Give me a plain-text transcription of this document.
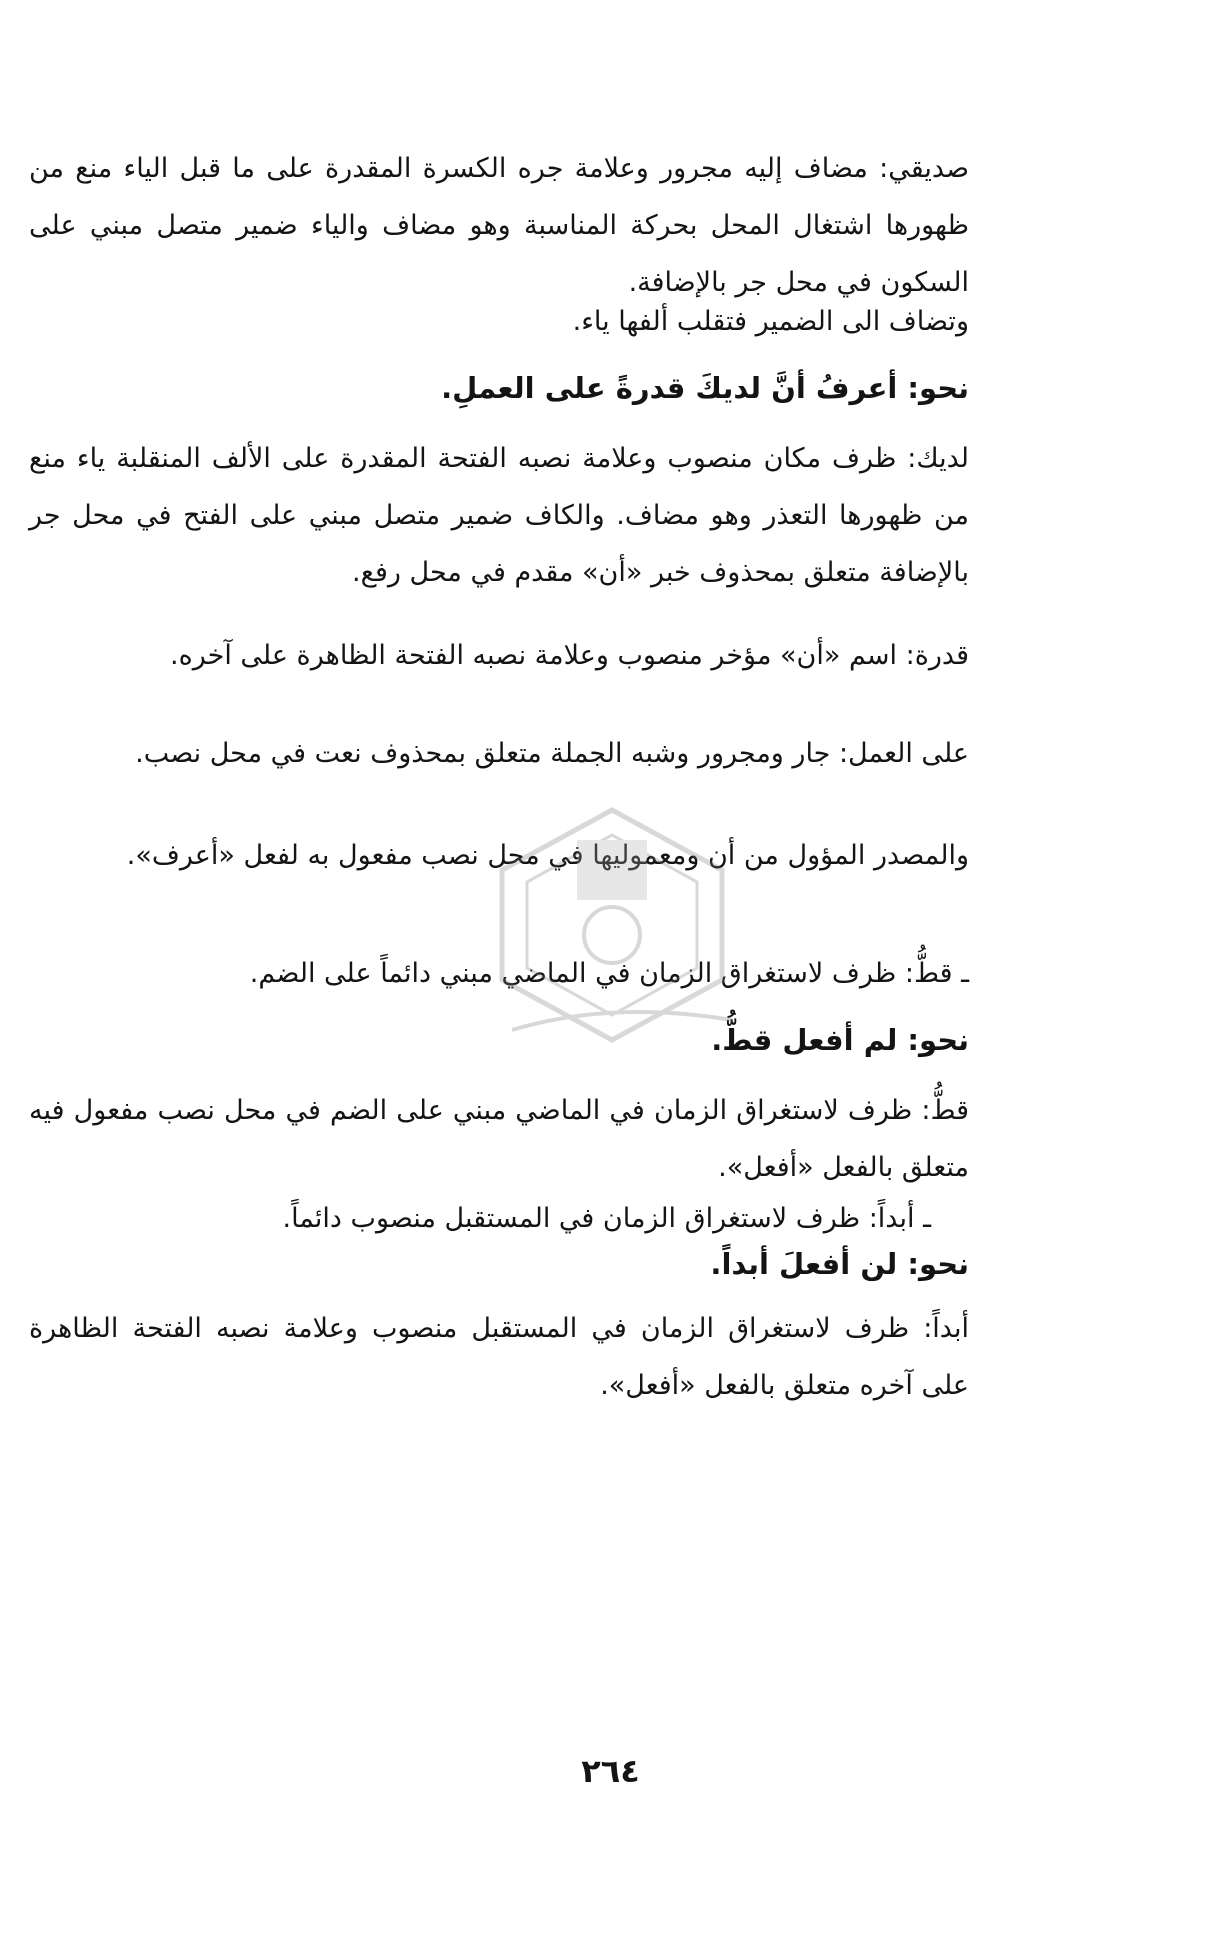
صديقي: مضاف إليه مجرور وعلامة جره الكسرة المقدرة على ما قبل الياء منع من ظهورها اشتغال المحل بحركة المناسبة وهو مضاف والياء ضمير متصل مبني على السكون في محل جر بالإضافة.
وتضاف الى الضمير فتقلب ألفها ياء.
نحو: أعرفُ أنَّ لديكَ قدرةً على العملِ.
لديك: ظرف مكان منصوب وعلامة نصبه الفتحة المقدرة على الألف المنقلبة ياء منع من ظهورها التعذر وهو مضاف. والكاف ضمير متصل مبني على الفتح في محل جر بالإضافة متعلق بمحذوف خبر «أن» مقدم في محل رفع.
قدرة: اسم «أن» مؤخر منصوب وعلامة نصبه الفتحة الظاهرة على آخره.
على العمل: جار ومجرور وشبه الجملة متعلق بمحذوف نعت في محل نصب.
والمصدر المؤول من أن ومعموليها في محل نصب مفعول به لفعل «أعرف».
ـ قطُّ: ظرف لاستغراق الزمان في الماضي مبني دائماً على الضم.
نحو: لم أفعل قطُّ.
قطُّ: ظرف لاستغراق الزمان في الماضي مبني على الضم في محل نصب مفعول فيه متعلق بالفعل «أفعل».
ـ أبداً: ظرف لاستغراق الزمان في المستقبل منصوب دائماً.
نحو: لن أفعلَ أبداً.
أبداً: ظرف لاستغراق الزمان في المستقبل منصوب وعلامة نصبه الفتحة الظاهرة على آخره متعلق بالفعل «أفعل».
٢٦٤
